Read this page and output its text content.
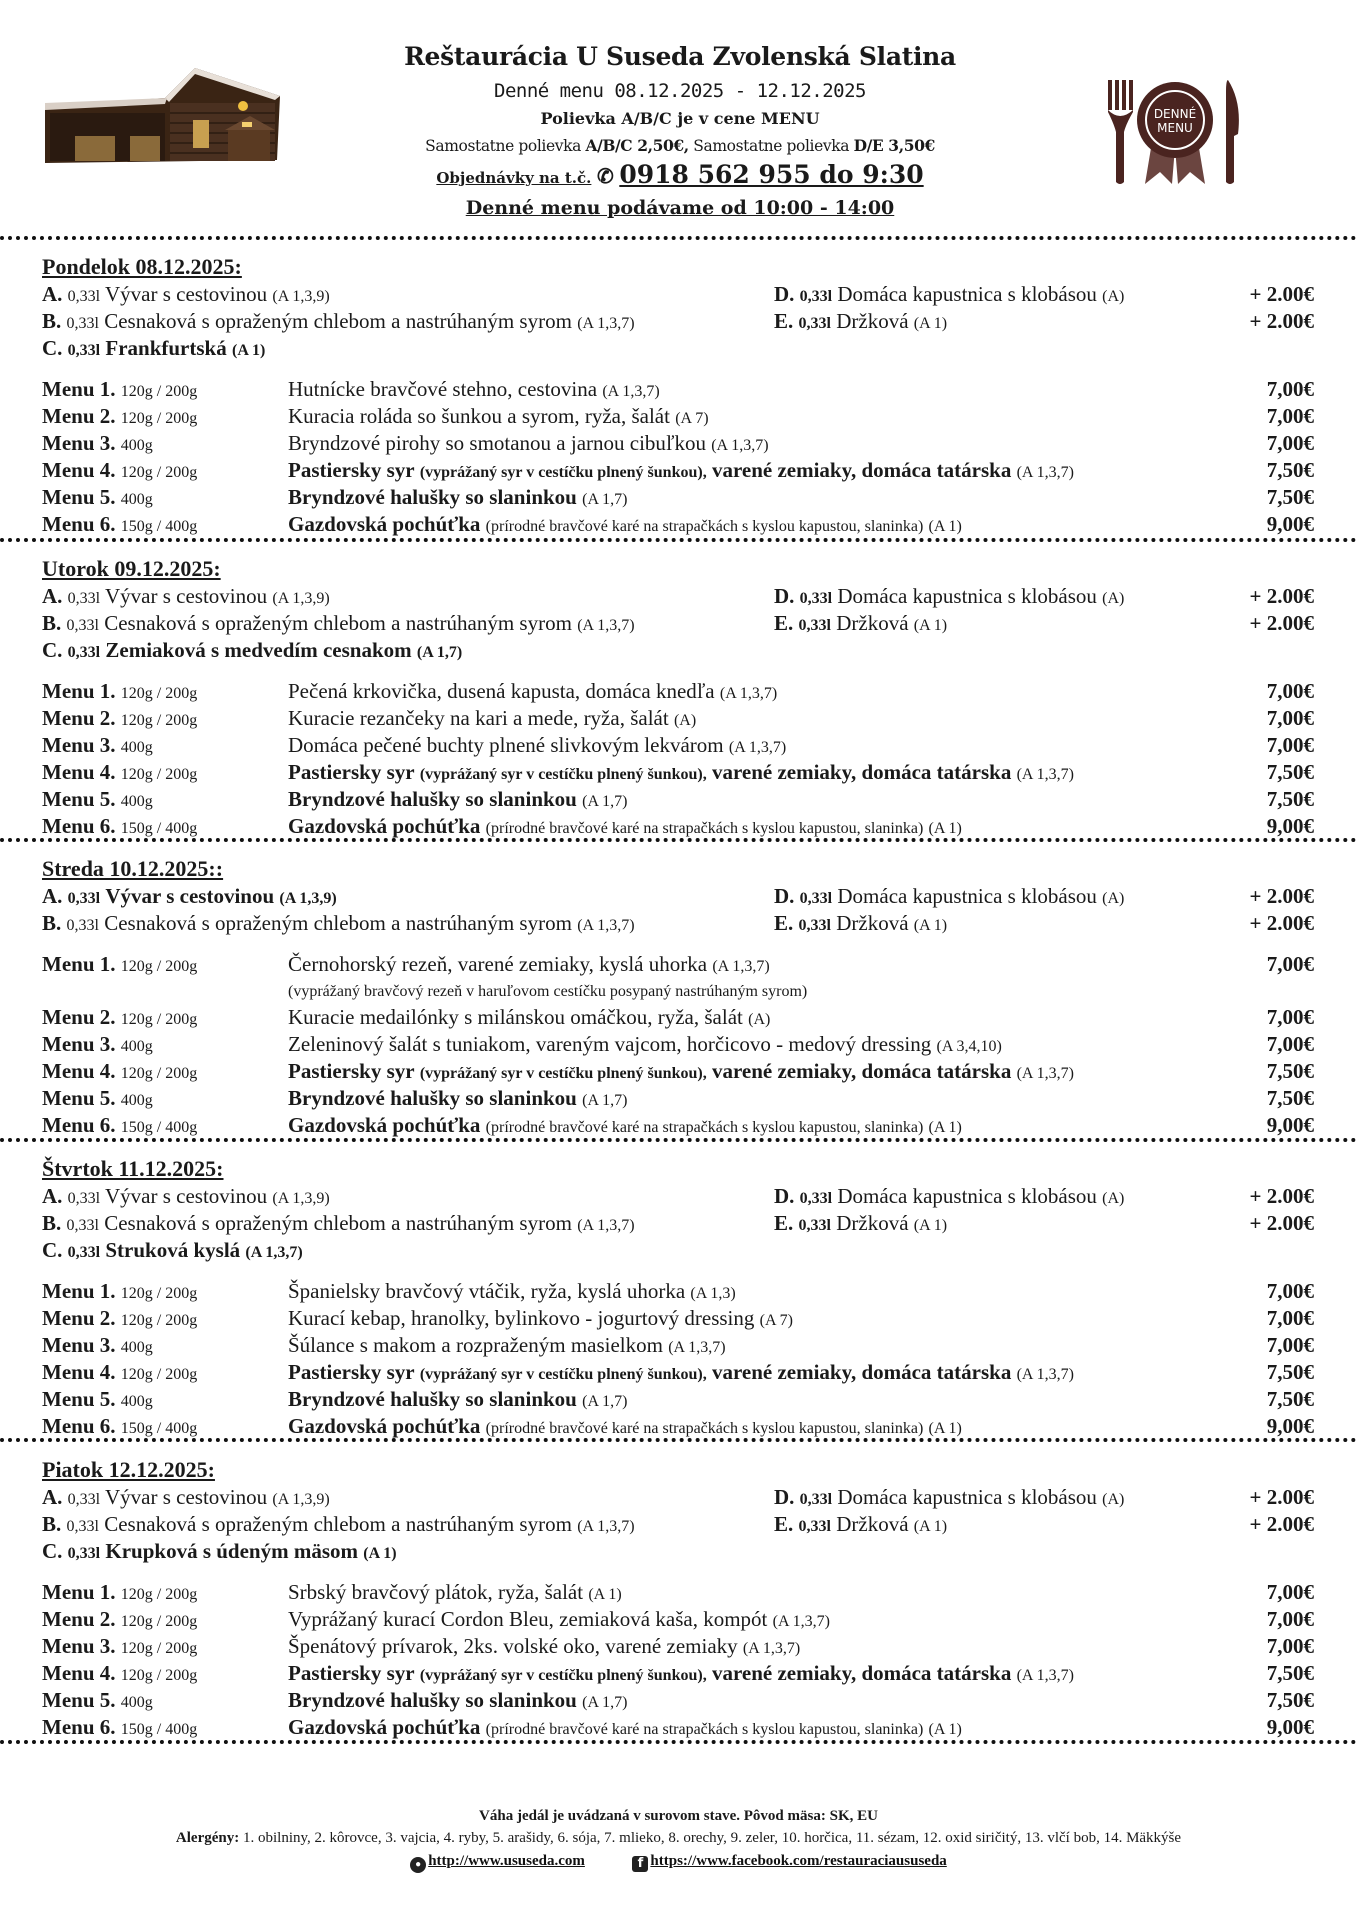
Reštaurácia U Suseda Zvolenská Slatina
Denné menu 08.12.2025 - 12.12.2025
Polievka A/B/C je v cene MENU
Samostatne polievka A/B/C 2,50€, Samostatne polievka D/E 3,50€
Objednávky na t.č. ✆ 0918 562 955 do 9:30
Denné menu podávame od 10:00 - 14:00
DENNÉ
MENU
Pondelok 08.12.2025:
A. 0,33l Vývar s cestovinou (A 1,3,9)	D. 0,33l Domáca kapustnica s klobásou (A)	+ 2.00€
B. 0,33l Cesnaková s opraženým chlebom a nastrúhaným syrom (A 1,3,7)	E. 0,33l Držková (A 1)	+ 2.00€
C. 0,33l Frankfurtská (A 1)
Menu 1. 120g / 200g	Hutnícke bravčové stehno, cestovina (A 1,3,7)	7,00€
Menu 2. 120g / 200g	Kuracia roláda so šunkou a syrom, ryža, šalát (A 7)	7,00€
Menu 3. 400g	Bryndzové pirohy so smotanou a jarnou cibuľkou (A 1,3,7)	7,00€
Menu 4. 120g / 200g	Pastiersky syr (vyprážaný syr v cestíčku plnený šunkou), varené zemiaky, domáca tatárska (A 1,3,7)	7,50€
Menu 5. 400g	Bryndzové halušky so slaninkou (A 1,7)	7,50€
Menu 6. 150g / 400g	Gazdovská pochúťka (prírodné bravčové karé na strapačkách s kyslou kapustou, slaninka) (A 1)	9,00€
Utorok 09.12.2025:
A. 0,33l Vývar s cestovinou (A 1,3,9)	D. 0,33l Domáca kapustnica s klobásou (A)	+ 2.00€
B. 0,33l Cesnaková s opraženým chlebom a nastrúhaným syrom (A 1,3,7)	E. 0,33l Držková (A 1)	+ 2.00€
C. 0,33l Zemiaková s medvedím cesnakom (A 1,7)
Menu 1. 120g / 200g	Pečená krkovička, dusená kapusta, domáca knedľa (A 1,3,7)	7,00€
Menu 2. 120g / 200g	Kuracie rezančeky na kari a mede, ryža, šalát (A)	7,00€
Menu 3. 400g	Domáca pečené buchty plnené slivkovým lekvárom (A 1,3,7)	7,00€
Menu 4. 120g / 200g	Pastiersky syr (vyprážaný syr v cestíčku plnený šunkou), varené zemiaky, domáca tatárska (A 1,3,7)	7,50€
Menu 5. 400g	Bryndzové halušky so slaninkou (A 1,7)	7,50€
Menu 6. 150g / 400g	Gazdovská pochúťka (prírodné bravčové karé na strapačkách s kyslou kapustou, slaninka) (A 1)	9,00€
Streda 10.12.2025::
A. 0,33l Vývar s cestovinou (A 1,3,9)	D. 0,33l Domáca kapustnica s klobásou (A)	+ 2.00€
B. 0,33l Cesnaková s opraženým chlebom a nastrúhaným syrom (A 1,3,7)	E. 0,33l Držková (A 1)	+ 2.00€
Menu 1. 120g / 200g	Černohorský rezeň, varené zemiaky, kyslá uhorka (A 1,3,7)	7,00€
(vyprážaný bravčový rezeň v haruľovom cestíčku posypaný nastrúhaným syrom)
Menu 2. 120g / 200g	Kuracie medailónky s milánskou omáčkou, ryža, šalát (A)	7,00€
Menu 3. 400g	Zeleninový šalát s tuniakom, vareným vajcom, horčicovo - medový dressing (A 3,4,10)	7,00€
Menu 4. 120g / 200g	Pastiersky syr (vyprážaný syr v cestíčku plnený šunkou), varené zemiaky, domáca tatárska (A 1,3,7)	7,50€
Menu 5. 400g	Bryndzové halušky so slaninkou (A 1,7)	7,50€
Menu 6. 150g / 400g	Gazdovská pochúťka (prírodné bravčové karé na strapačkách s kyslou kapustou, slaninka) (A 1)	9,00€
Štvrtok 11.12.2025:
A. 0,33l Vývar s cestovinou (A 1,3,9)	D. 0,33l Domáca kapustnica s klobásou (A)	+ 2.00€
B. 0,33l Cesnaková s opraženým chlebom a nastrúhaným syrom (A 1,3,7)	E. 0,33l Držková (A 1)	+ 2.00€
C. 0,33l Struková kyslá (A 1,3,7)
Menu 1. 120g / 200g	Španielsky bravčový vtáčik, ryža, kyslá uhorka (A 1,3)	7,00€
Menu 2. 120g / 200g	Kurací kebap, hranolky, bylinkovo - jogurtový dressing (A 7)	7,00€
Menu 3. 400g	Šúlance s makom a rozpraženým masielkom (A 1,3,7)	7,00€
Menu 4. 120g / 200g	Pastiersky syr (vyprážaný syr v cestíčku plnený šunkou), varené zemiaky, domáca tatárska (A 1,3,7)	7,50€
Menu 5. 400g	Bryndzové halušky so slaninkou (A 1,7)	7,50€
Menu 6. 150g / 400g	Gazdovská pochúťka (prírodné bravčové karé na strapačkách s kyslou kapustou, slaninka) (A 1)	9,00€
Piatok 12.12.2025:
A. 0,33l Vývar s cestovinou (A 1,3,9)	D. 0,33l Domáca kapustnica s klobásou (A)	+ 2.00€
B. 0,33l Cesnaková s opraženým chlebom a nastrúhaným syrom (A 1,3,7)	E. 0,33l Držková (A 1)	+ 2.00€
C. 0,33l Krupková s údeným mäsom (A 1)
Menu 1. 120g / 200g	Srbský bravčový plátok, ryža, šalát (A 1)	7,00€
Menu 2. 120g / 200g	Vyprážaný kurací Cordon Bleu, zemiaková kaša, kompót (A 1,3,7)	7,00€
Menu 3. 120g / 200g	Špenátový prívarok, 2ks. volské oko, varené zemiaky (A 1,3,7)	7,00€
Menu 4. 120g / 200g	Pastiersky syr (vyprážaný syr v cestíčku plnený šunkou), varené zemiaky, domáca tatárska (A 1,3,7)	7,50€
Menu 5. 400g	Bryndzové halušky so slaninkou (A 1,7)	7,50€
Menu 6. 150g / 400g	Gazdovská pochúťka (prírodné bravčové karé na strapačkách s kyslou kapustou, slaninka) (A 1)	9,00€
Váha jedál je uvádzaná v surovom stave. Pôvod mäsa: SK, EU
Alergény: 1. obilniny, 2. kôrovce, 3. vajcia, 4. ryby, 5. arašidy, 6. sója, 7. mlieko, 8. orechy, 9. zeler, 10. horčica, 11. sézam, 12. oxid siričitý, 13. vlčí bob, 14. Mäkkýše
● http://www.ususeda.com	f https://www.facebook.com/restauraciaususeda
